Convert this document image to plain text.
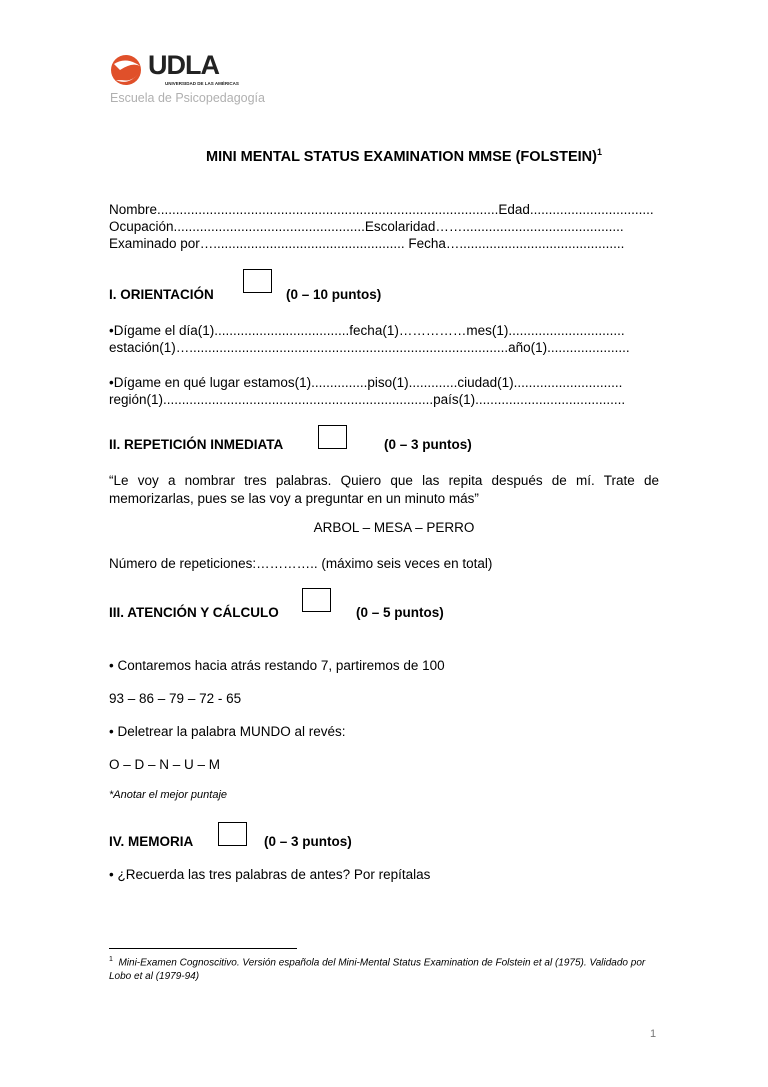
UDLA
UNIVERSIDAD DE LAS AMÉRICAS
Escuela de Psicopedagogía
MINI MENTAL STATUS EXAMINATION MMSE (FOLSTEIN)$^1$
Nombre...........................................................................................Edad.................................
Ocupación...................................................Escolaridad……...........................................
Examinado por…................................................... Fecha…............................................
I. ORIENTACIÓN	(0 – 10 puntos)
•Dígame el día(1)....................................fecha(1)……………mes(1)...............................
estación(1)….....................................................................................año(1)......................
•Dígame en qué lugar estamos(1)...............piso(1).............ciudad(1).............................
región(1)........................................................................país(1)........................................
II. REPETICIÓN INMEDIATA	(0 – 3 puntos)
“Le voy a nombrar tres palabras. Quiero que las repita después de mí. Trate de memorizarlas, pues se las voy a preguntar en un minuto más”
ARBOL – MESA – PERRO
Número de repeticiones:………….. (máximo seis veces en total)
III. ATENCIÓN Y CÁLCULO	(0 – 5 puntos)
• Contaremos hacia atrás restando 7, partiremos de 100
93 – 86 – 79 – 72 - 65
• Deletrear la palabra MUNDO al revés:
O – D – N – U – M
*Anotar el mejor puntaje
IV. MEMORIA	(0 – 3 puntos)
• ¿Recuerda las tres palabras de antes? Por repítalas
$^1$ Mini-Examen Cognoscitivo. Versión española del Mini-Mental Status Examination de Folstein et al (1975). Validado por Lobo et al (1979-94)
1
